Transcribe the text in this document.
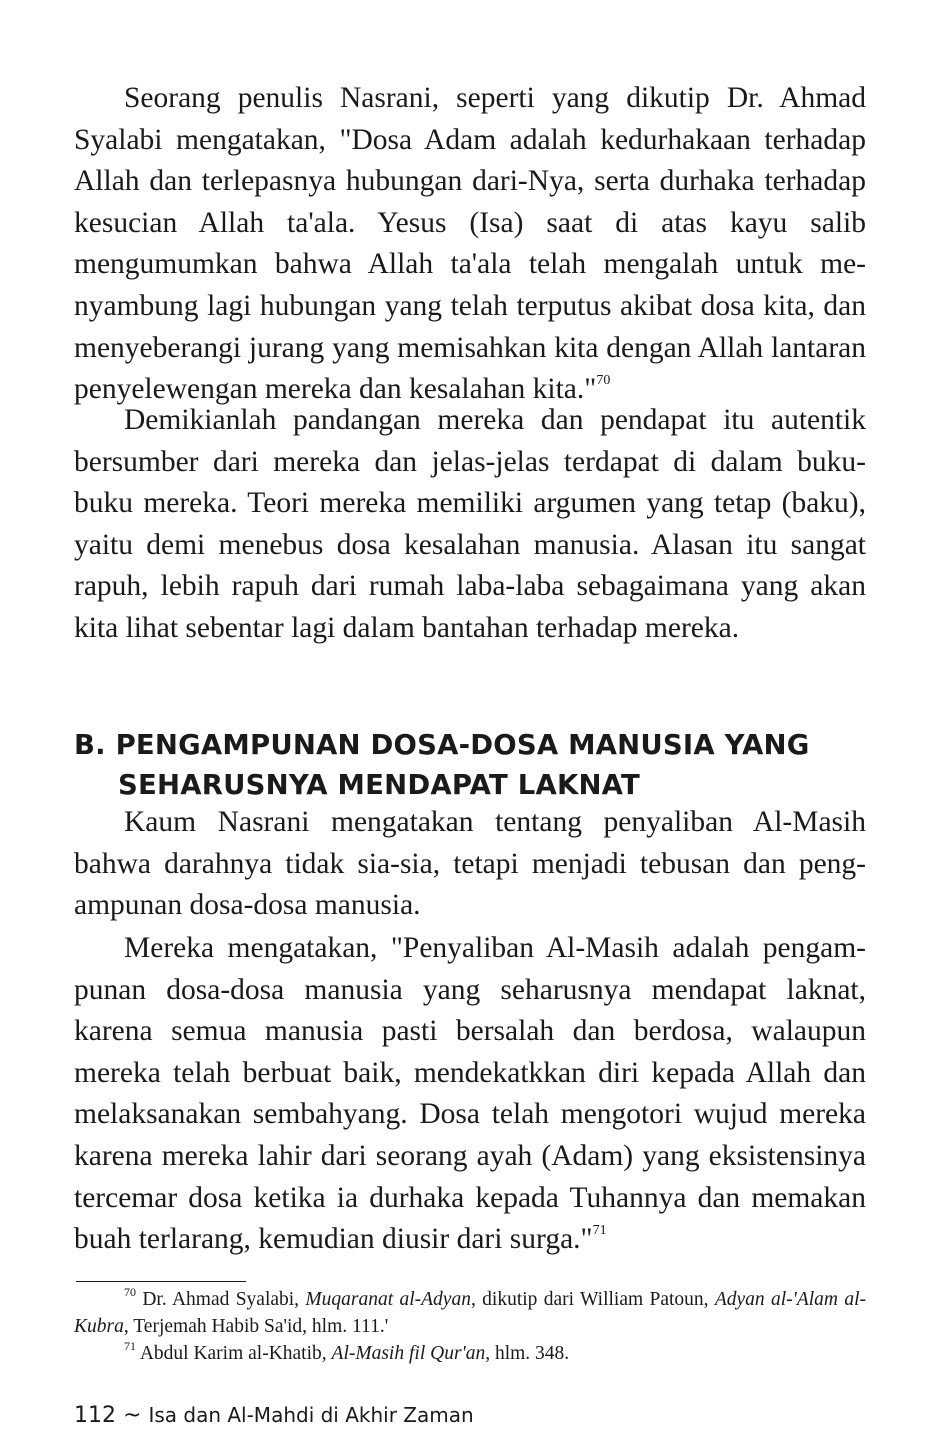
Seorang penulis Nasrani, seperti yang dikutip Dr. Ahmad Syalabi mengatakan, "Dosa Adam adalah kedurhakaan terhadap Allah dan terlepasnya hubungan dari-Nya, serta durhaka terhadap kesucian Allah ta'ala. Yesus (Isa) saat di atas kayu salib mengumumkan bahwa Allah ta'ala telah mengalah untuk menyambung lagi hubungan yang telah terputus akibat dosa kita, dan menyeberangi jurang yang memisahkan kita dengan Allah lantaran penyelewengan mereka dan kesalahan kita."$^{70}$

Demikianlah pandangan mereka dan pendapat itu autentik bersumber dari mereka dan jelas-jelas terdapat di dalam buku-buku mereka. Teori mereka memiliki argumen yang tetap (baku), yaitu demi menebus dosa kesalahan manusia. Alasan itu sangat rapuh, lebih rapuh dari rumah laba-laba sebagaimana yang akan kita lihat sebentar lagi dalam bantahan terhadap mereka.

B. PENGAMPUNAN DOSA-DOSA MANUSIA YANG
SEHARUSNYA MENDAPAT LAKNAT

Kaum Nasrani mengatakan tentang penyaliban Al-Masih bahwa darahnya tidak sia-sia, tetapi menjadi tebusan dan pengampunan dosa-dosa manusia.

Mereka mengatakan, "Penyaliban Al-Masih adalah pengampunan dosa-dosa manusia yang seharusnya mendapat laknat, karena semua manusia pasti bersalah dan berdosa, walaupun mereka telah berbuat baik, mendekatkkan diri kepada Allah dan melaksanakan sembahyang. Dosa telah mengotori wujud mereka karena mereka lahir dari seorang ayah (Adam) yang eksistensinya tercemar dosa ketika ia durhaka kepada Tuhannya dan memakan buah terlarang, kemudian diusir dari surga."$^{71}$

$^{70}$ Dr. Ahmad Syalabi, Muqaranat al-Adyan, dikutip dari William Patoun, Adyan al-'Alam al-Kubra, Terjemah Habib Sa'id, hlm. 111.'

$^{71}$ Abdul Karim al-Khatib, Al-Masih fil Qur'an, hlm. 348.

112 ~ Isa dan Al-Mahdi di Akhir Zaman
